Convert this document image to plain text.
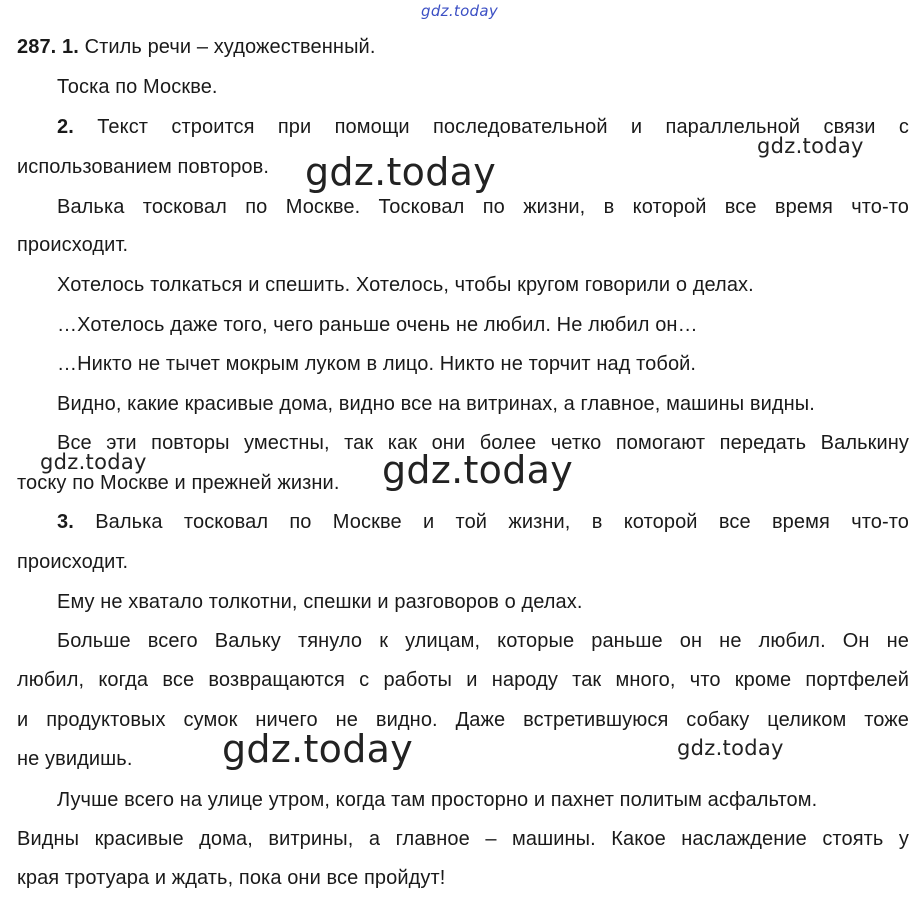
gdz.today
287. 1. Стиль речи – художественный.
Тоска по Москве.
2. Текст строится при помощи последовательной и параллельной связи с
gdz.today
использованием повторов. gdz.today
Валька тосковал по Москве. Тосковал по жизни, в которой все время что-то
происходит.
Хотелось толкаться и спешить. Хотелось, чтобы кругом говорили о делах.
…Хотелось даже того, чего раньше очень не любил. Не любил он…
…Никто не тычет мокрым луком в лицо. Никто не торчит над тобой.
Видно, какие красивые дома, видно все на витринах, а главное, машины видны.
Все эти повторы уместны, так как они более четко помогают передать Валькину
gdz.today
тоску по Москве и прежней жизни. gdz.today
3. Валька тосковал по Москве и той жизни, в которой все время что-то
происходит.
Ему не хватало толкотни, спешки и разговоров о делах.
Больше всего Вальку тянуло к улицам, которые раньше он не любил. Он не
любил, когда все возвращаются с работы и народу так много, что кроме портфелей
и продуктовых сумок ничего не видно. Даже встретившуюся собаку целиком тоже
не увидишь. gdz.today	gdz.today
Лучше всего на улице утром, когда там просторно и пахнет политым асфальтом.
Видны красивые дома, витрины, а главное – машины. Какое наслаждение стоять у
края тротуара и ждать, пока они все пройдут!
